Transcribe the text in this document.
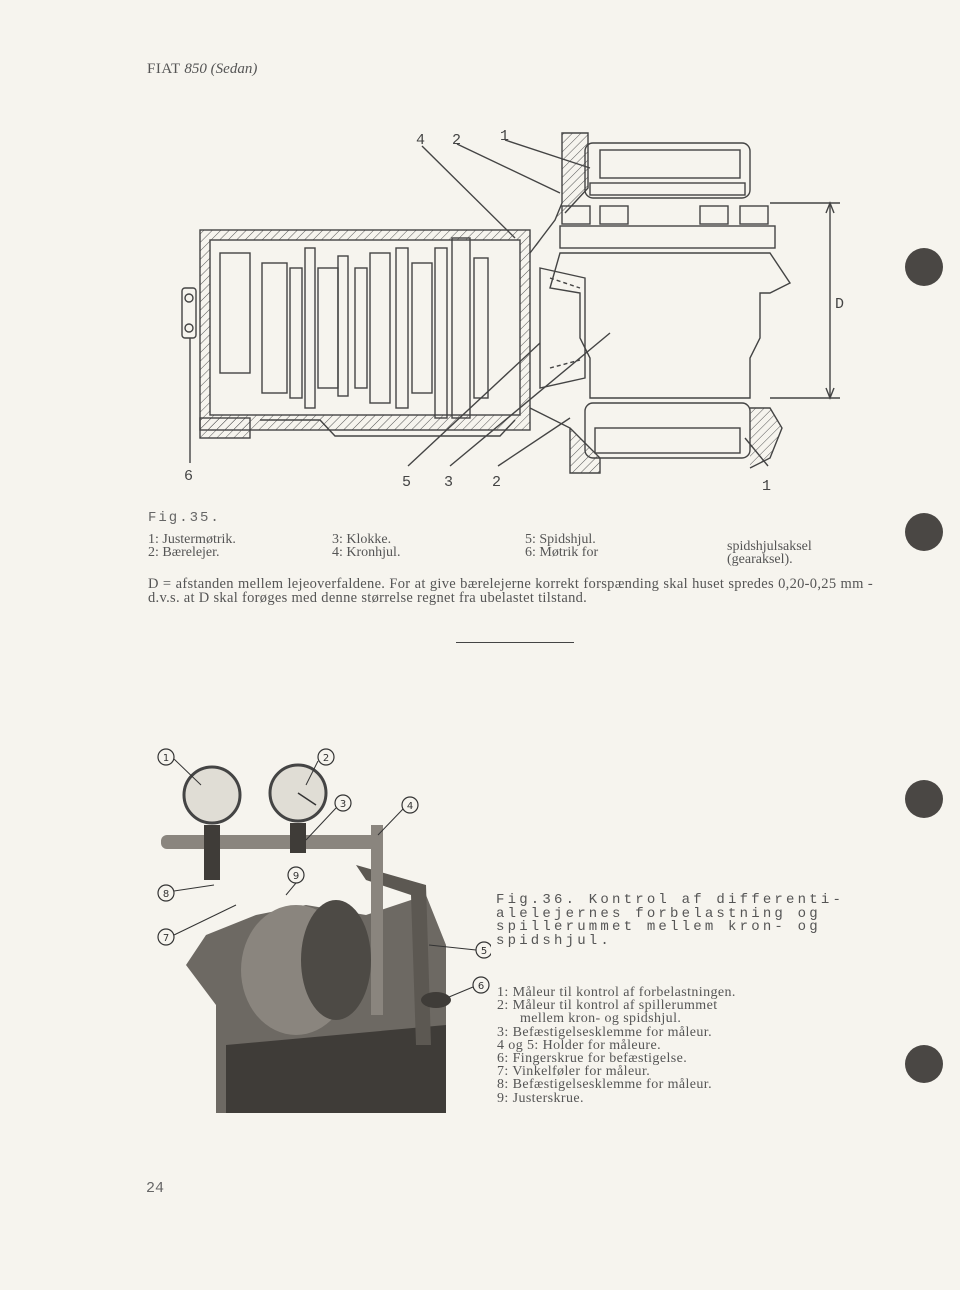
FIAT 850 (Sedan)
4 2	1
6	5 3	2	1
D
Fig.35.
1: Justermøtrik.
2: Bærelejer.
3: Klokke.
4: Kronhjul.
5: Spidshjul.
6: Møtrik for	spidshjulsaksel
(gearaksel).
D = afstanden mellem lejeoverfaldene. For at give bærelejerne korrekt forspænding skal huset spredes 0,20-0,25 mm - d.v.s. at D skal forøges med denne størrelse regnet fra ubelastet tilstand.
1	2
3	4
5
6
7
8
9
Fig.36. Kontrol af differenti-
alelejernes forbelastning og
spillerummet mellem kron- og
spidshjul.
1: Måleur til kontrol af forbelastningen.
2: Måleur til kontrol af spillerummet
mellem kron- og spidshjul.
3: Befæstigelsesklemme for måleur.
4 og 5: Holder for måleure.
6: Fingerskrue for befæstigelse.
7: Vinkelføler for måleur.
8: Befæstigelsesklemme for måleur.
9: Justerskrue.
24
